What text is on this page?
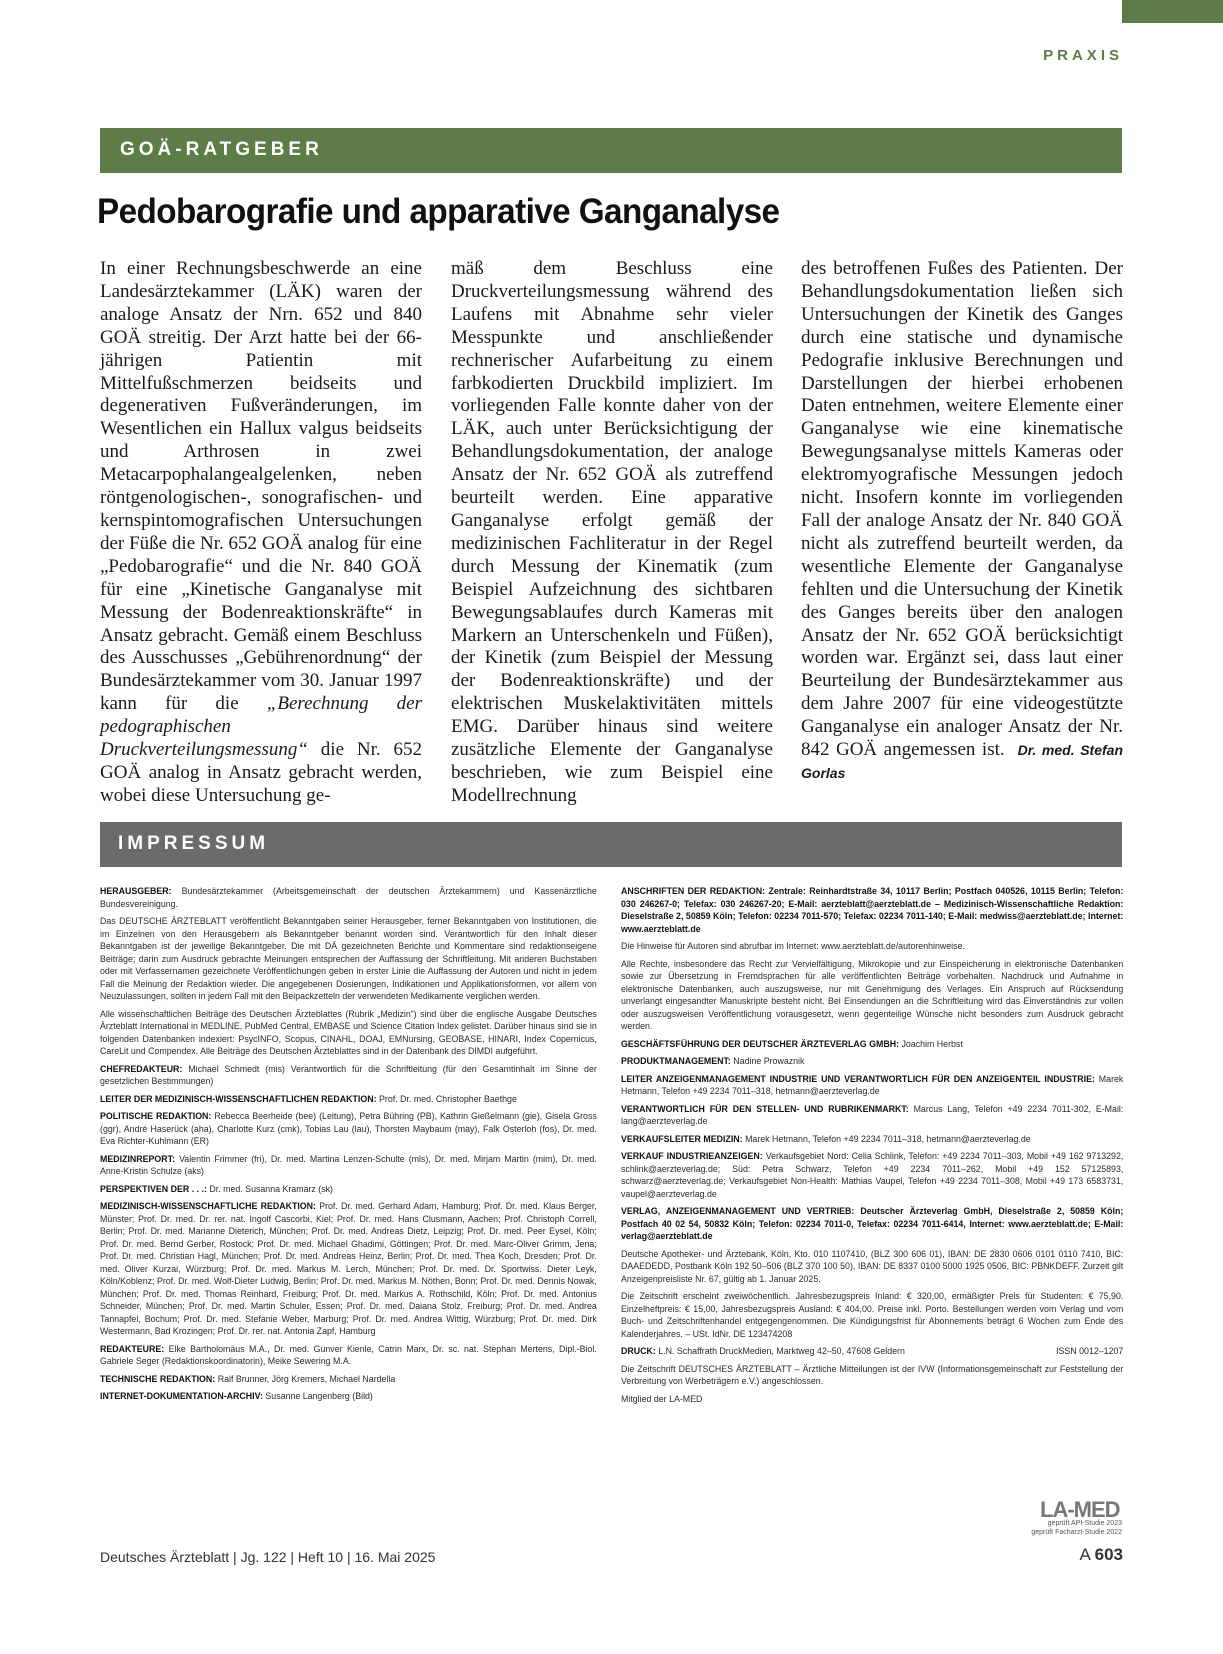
PRAXIS
GOÄ-RATGEBER
Pedobarografie und apparative Ganganalyse
In einer Rechnungsbeschwerde an eine Landesärztekammer (LÄK) waren der analoge Ansatz der Nrn. 652 und 840 GOÄ streitig. Der Arzt hatte bei der 66-jährigen Patientin mit Mittelfußschmerzen beidseits und degenerativen Fußveränderungen, im Wesentlichen ein Hallux valgus beidseits und Arthrosen in zwei Metacarpophalangealgelenken, neben röntgenologischen-, sonografischen- und kernspintomografischen Untersuchungen der Füße die Nr. 652 GOÄ analog für eine „Pedobarografie“ und die Nr. 840 GOÄ für eine „Kinetische Ganganalyse mit Messung der Bodenreaktionskräfte“ in Ansatz gebracht. Gemäß einem Beschluss des Ausschusses „Gebührenordnung“ der Bundesärztekammer vom 30. Januar 1997 kann für die „Berechnung der pedographischen Druckverteilungsmessung“ die Nr. 652 GOÄ analog in Ansatz gebracht werden, wobei diese Untersuchung ge-
mäß dem Beschluss eine Druckverteilungsmessung während des Laufens mit Abnahme sehr vieler Messpunkte und anschließender rechnerischer Aufarbeitung zu einem farbkodierten Druckbild impliziert. Im vorliegenden Falle konnte daher von der LÄK, auch unter Berücksichtigung der Behandlungsdokumentation, der analoge Ansatz der Nr. 652 GOÄ als zutreffend beurteilt werden. Eine apparative Ganganalyse erfolgt gemäß der medizinischen Fachliteratur in der Regel durch Messung der Kinematik (zum Beispiel Aufzeichnung des sichtbaren Bewegungsablaufes durch Kameras mit Markern an Unterschenkeln und Füßen), der Kinetik (zum Beispiel der Messung der Bodenreaktionskräfte) und der elektrischen Muskelaktivitäten mittels EMG. Darüber hinaus sind weitere zusätzliche Elemente der Ganganalyse beschrieben, wie zum Beispiel eine Modellrechnung
des betroffenen Fußes des Patienten. Der Behandlungsdokumentation ließen sich Untersuchungen der Kinetik des Ganges durch eine statische und dynamische Pedografie inklusive Berechnungen und Darstellungen der hierbei erhobenen Daten entnehmen, weitere Elemente einer Ganganalyse wie eine kinematische Bewegungsanalyse mittels Kameras oder elektromyografische Messungen jedoch nicht. Insofern konnte im vorliegenden Fall der analoge Ansatz der Nr. 840 GOÄ nicht als zutreffend beurteilt werden, da wesentliche Elemente der Ganganalyse fehlten und die Untersuchung der Kinetik des Ganges bereits über den analogen Ansatz der Nr. 652 GOÄ berücksichtigt worden war. Ergänzt sei, dass laut einer Beurteilung der Bundesärztekammer aus dem Jahre 2007 für eine videogestützte Ganganalyse ein analoger Ansatz der Nr. 842 GOÄ angemessen ist. Dr. med. Stefan Gorlas
IMPRESSUM

HERAUSGEBER: Bundesärztekammer (Arbeitsgemeinschaft der deutschen Ärztekammern) und Kassenärztliche Bundesvereinigung.

Das DEUTSCHE ÄRZTEBLATT veröffentlicht Bekanntgaben seiner Herausgeber, ferner Bekanntgaben von Institutionen, die im Einzelnen von den Herausgebern als Bekanntgeber benannt worden sind. Verantwortlich für den Inhalt dieser Bekanntgaben ist der jeweilige Bekanntgeber. Die mit DÄ gezeichneten Berichte und Kommentare sind redaktionseigene Beiträge; darin zum Ausdruck gebrachte Meinungen entsprechen der Auffassung der Schriftleitung. Mit anderen Buchstaben oder mit Verfassernamen gezeichnete Veröffentlichungen geben in erster Linie die Auffassung der Autoren und nicht in jedem Fall die Meinung der Redaktion wieder. Die angegebenen Dosierungen, Indikationen und Applikationsformen, vor allem von Neuzulassungen, sollten in jedem Fall mit den Beipackzetteln der verwendeten Medikamente verglichen werden.

Alle wissenschaftlichen Beiträge des Deutschen Ärzteblattes (Rubrik „Medizin“) sind über die englische Ausgabe Deutsches Ärzteblatt International in MEDLINE, PubMed Central, EMBASE und Science Citation Index gelistet. Darüber hinaus sind sie in folgenden Datenbanken indexiert: PsycINFO, Scopus, CINAHL, DOAJ, EMNursing, GEOBASE, HINARI, Index Copernicus, CareLit und Compendex. Alle Beiträge des Deutschen Ärzteblattes sind in der Datenbank des DIMDI aufgeführt.

CHEFREDAKTEUR: Michael Schmedt (mis) Verantwortlich für die Schriftleitung (für den Gesamtinhalt im Sinne der gesetzlichen Bestimmungen)

LEITER DER MEDIZINISCH-WISSENSCHAFTLICHEN REDAKTION: Prof. Dr. med. Christopher Baethge

POLITISCHE REDAKTION: Rebecca Beerheide (bee) (Leitung), Petra Bühring (PB), Kathrin Gießelmann (gie), Gisela Gross (ggr), André Haserück (aha), Charlotte Kurz (cmk), Tobias Lau (lau), Thorsten Maybaum (may), Falk Osterloh (fos), Dr. med. Eva Richter-Kuhlmann (ER)

MEDIZINREPORT: Valentin Frimmer (fri), Dr. med. Martina Lenzen-Schulte (mls), Dr. med. Mirjam Martin (mim), Dr. med. Anne-Kristin Schulze (aks)

PERSPEKTIVEN DER . . .: Dr. med. Susanna Kramarz (sk)

MEDIZINISCH-WISSENSCHAFTLICHE REDAKTION: Prof. Dr. med. Gerhard Adam, Hamburg; Prof. Dr. med. Klaus Berger, Münster; Prof. Dr. med. Dr. rer. nat. Ingolf Cascorbi, Kiel; Prof. Dr. med. Hans Clusmann, Aachen; Prof. Christoph Correll, Berlin; Prof. Dr. med. Marianne Dieterich, München; Prof. Dr. med. Andreas Dietz, Leipzig; Prof. Dr. med. Peer Eysel, Köln; Prof. Dr. med. Bernd Gerber, Rostock; Prof. Dr. med. Michael Ghadimi, Göttingen; Prof. Dr. med. Marc-Oliver Grimm, Jena; Prof. Dr. med. Christian Hagl, München; Prof. Dr. med. Andreas Heinz, Berlin; Prof. Dr. med. Thea Koch, Dresden; Prof. Dr. med. Oliver Kurzai, Würzburg; Prof. Dr. med. Markus M. Lerch, München; Prof. Dr. med. Dr. Sportwiss. Dieter Leyk, Köln/Koblenz; Prof. Dr. med. Wolf-Dieter Ludwig, Berlin; Prof. Dr. med. Markus M. Nöthen, Bonn; Prof. Dr. med. Dennis Nowak, München; Prof. Dr. med. Thomas Reinhard, Freiburg; Prof. Dr. med. Markus A. Rothschild, Köln; Prof. Dr. med. Antonius Schneider, München; Prof. Dr. med. Martin Schuler, Essen; Prof. Dr. med. Daiana Stolz, Freiburg; Prof. Dr. med. Andrea Tannapfel, Bochum; Prof. Dr. med. Stefanie Weber, Marburg; Prof. Dr. med. Andrea Wittig, Würzburg; Prof. Dr. med. Dirk Westermann, Bad Krozingen; Prof. Dr. rer. nat. Antonia Zapf, Hamburg

REDAKTEURE: Elke Bartholomäus M.A., Dr. med. Gunver Kienle, Catrin Marx, Dr. sc. nat. Stephan Mertens, Dipl.-Biol. Gabriele Seger (Redaktionskoordinatorin), Meike Sewering M.A.

TECHNISCHE REDAKTION: Ralf Brunner, Jörg Kremers, Michael Nardella

INTERNET-DOKUMENTATION-ARCHIV: Susanne Langenberg (Bild)

ANSCHRIFTEN DER REDAKTION: Zentrale: Reinhardtstraße 34, 10117 Berlin; Postfach 040526, 10115 Berlin; Telefon: 030 246267-0; Telefax: 030 246267-20; E-Mail: aerzteblatt@aerzteblatt.de – Medizinisch-Wissenschaftliche Redaktion: Dieselstraße 2, 50859 Köln; Telefon: 02234 7011-570; Telefax: 02234 7011-140; E-Mail: medwiss@aerzteblatt.de; Internet: www.aerzteblatt.de

Die Hinweise für Autoren sind abrufbar im Internet: www.aerzteblatt.de/autorenhinweise.

Alle Rechte, insbesondere das Recht zur Vervielfältigung, Mikrokopie und zur Einspeicherung in elektronische Datenbanken sowie zur Übersetzung in Fremdsprachen für alle veröffentlichten Beiträge vorbehalten. Nachdruck und Aufnahme in elektronische Datenbanken, auch auszugsweise, nur mit Genehmigung des Verlages. Ein Anspruch auf Rücksendung unverlangt eingesandter Manuskripte besteht nicht. Bei Einsendungen an die Schriftleitung wird das Einverständnis zur vollen oder auszugsweisen Veröffentlichung vorausgesetzt, wenn gegenteilige Wünsche nicht besonders zum Ausdruck gebracht werden.

GESCHÄFTSFÜHRUNG DER DEUTSCHER ÄRZTEVERLAG GMBH: Joachim Herbst

PRODUKTMANAGEMENT: Nadine Prowaznik

LEITER ANZEIGENMANAGEMENT INDUSTRIE UND VERANTWORTLICH FÜR DEN ANZEIGENTEIL INDUSTRIE: Marek Hetmann, Telefon +49 2234 7011–318, hetmann@aerzteverlag.de

VERANTWORTLICH FÜR DEN STELLEN- UND RUBRIKENMARKT: Marcus Lang, Telefon +49 2234 7011-302, E-Mail: lang@aerzteverlag.de

VERKAUFSLEITER MEDIZIN: Marek Hetmann, Telefon +49 2234 7011–318, hetmann@aerzteverlag.de

VERKAUF INDUSTRIEANZEIGEN: Verkaufsgebiet Nord: Celia Schlink, Telefon: +49 2234 7011–303, Mobil +49 162 9713292, schlink@aerzteverlag.de; Süd: Petra Schwarz, Telefon +49 2234 7011–262, Mobil +49 152 57125893, schwarz@aerzteverlag.de; Verkaufsgebiet Non-Health: Mathias Vaupel, Telefon +49 2234 7011–308, Mobil +49 173 6583731, vaupel@aerzteverlag.de

VERLAG, ANZEIGENMANAGEMENT UND VERTRIEB: Deutscher Ärzteverlag GmbH, Dieselstraße 2, 50859 Köln; Postfach 40 02 54, 50832 Köln; Telefon: 02234 7011-0, Telefax: 02234 7011-6414, Internet: www.aerzteblatt.de; E-Mail: verlag@aerzteblatt.de

Deutsche Apotheker- und Ärztebank, Köln, Kto. 010 1107410, (BLZ 300 606 01), IBAN: DE 2830 0606 0101 0110 7410, BIC: DAAEDEDD, Postbank Köln 192 50–506 (BLZ 370 100 50), IBAN: DE 8337 0100 5000 1925 0506, BIC: PBNKDEFF. Zurzeit gilt Anzeigenpreisliste Nr. 67, gültig ab 1. Januar 2025.

Die Zeitschrift erscheint zweiwöchentlich. Jahresbezugspreis Inland: € 320,00, ermäßigter Preis für Studenten: € 75,90. Einzelheftpreis: € 15,00, Jahresbezugspreis Ausland: € 404,00. Preise inkl. Porto. Bestellungen werden vom Verlag und vom Buch- und Zeitschriftenhandel entgegengenommen. Die Kündigungsfrist für Abonnements beträgt 6 Wochen zum Ende des Kalenderjahres. – USt. IdNr. DE 123474208

ISSN 0012–1207
DRUCK: L.N. Schaffrath DruckMedien, Marktweg 42–50, 47608 Geldern

Die Zeitschrift DEUTSCHES ÄRZTEBLATT – Ärztliche Mitteilungen ist der IVW (Informationsgemeinschaft zur Feststellung der Verbreitung von Werbeträgern e.V.) angeschlossen.

Mitglied der LA-MED

LA-MED
geprüft API-Studie 2023
geprüft Facharzt-Studie 2022
Deutsches Ärzteblatt | Jg. 122 | Heft 10 | 16. Mai 2025	A 603
